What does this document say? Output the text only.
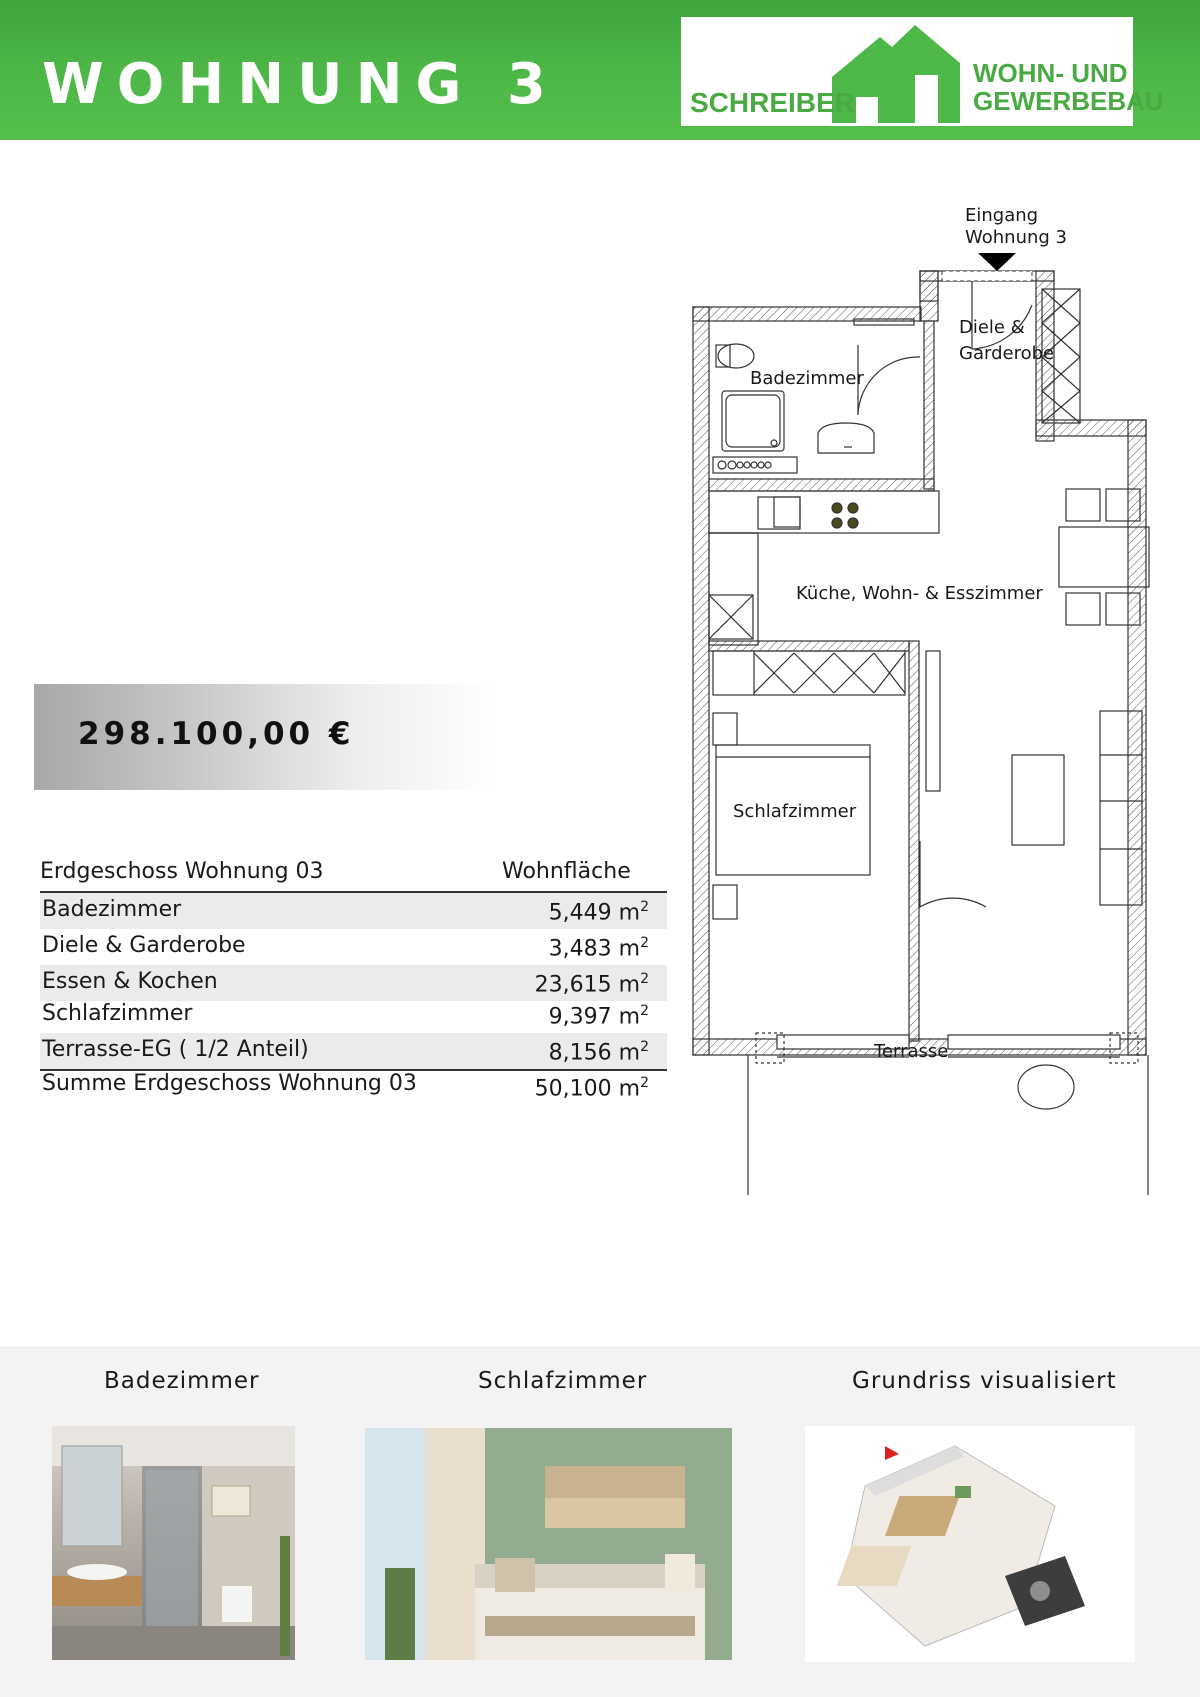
WOHNUNG 3	SCHREIBER
WOHN- UND
GEWERBEBAU
298.100,00 €
Erdgeschoss Wohnung 03	Wohnfläche
Badezimmer	5,449 $m^2$
Diele & Garderobe	3,483 $m^2$
Essen & Kochen	23,615 $m^2$
Schlafzimmer	9,397 $m^2$
Terrasse-EG ( 1/2 Anteil)	8,156 $m^2$
Summe Erdgeschoss Wohnung 03	50,100 $m^2$
Eingang
Wohnung 3
Badezimmer
Diele &
Garderobe
Küche, Wohn- & Esszimmer
Schlafzimmer
Terrasse
Badezimmer	Schlafzimmer	Grundriss visualisiert
